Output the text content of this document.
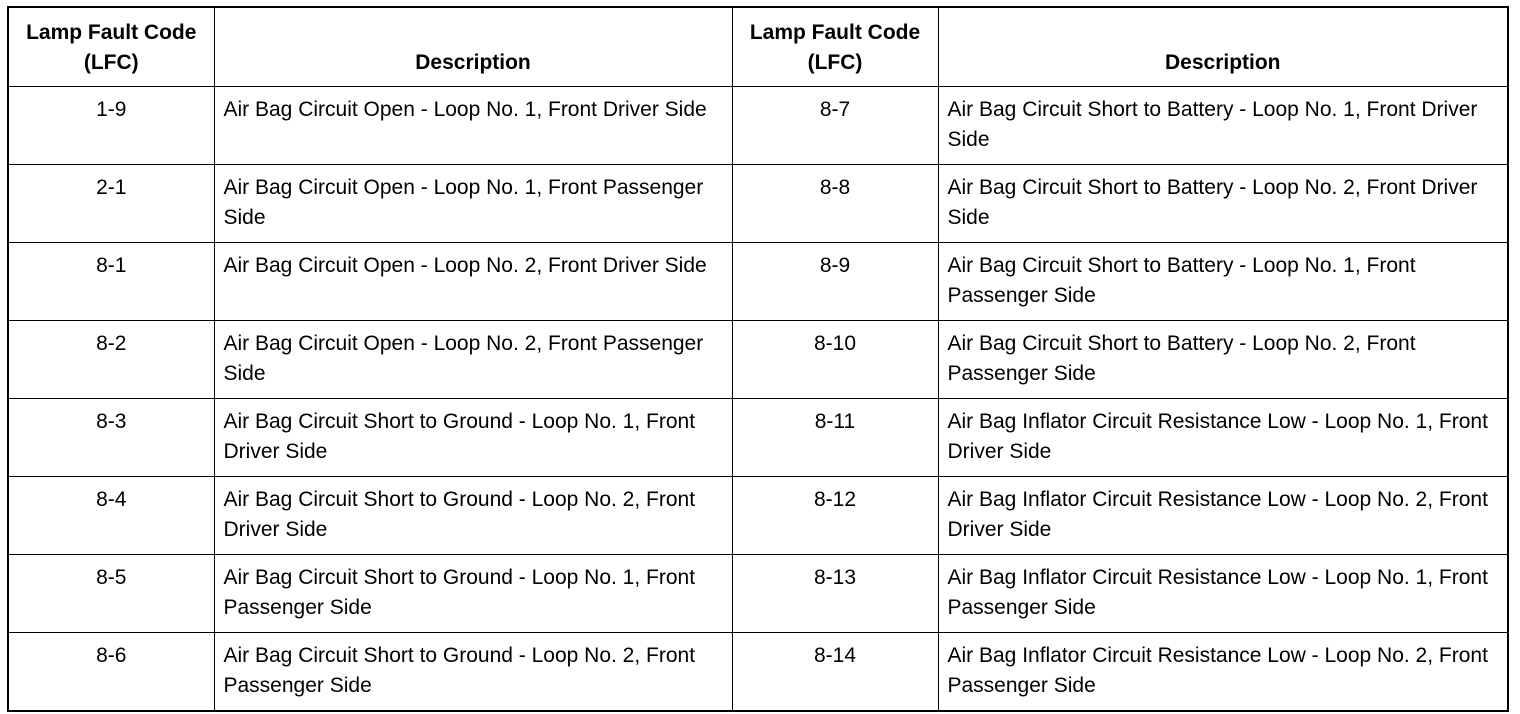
Lamp Fault Code (LFC)	Description	Lamp Fault Code (LFC)	Description
1-9	Air Bag Circuit Open - Loop No. 1, Front Driver Side	8-7	Air Bag Circuit Short to Battery - Loop No. 1, Front Driver Side
2-1	Air Bag Circuit Open - Loop No. 1, Front Passenger Side	8-8	Air Bag Circuit Short to Battery - Loop No. 2, Front Driver Side
8-1	Air Bag Circuit Open - Loop No. 2, Front Driver Side	8-9	Air Bag Circuit Short to Battery - Loop No. 1, Front Passenger Side
8-2	Air Bag Circuit Open - Loop No. 2, Front Passenger Side	8-10	Air Bag Circuit Short to Battery - Loop No. 2, Front Passenger Side
8-3	Air Bag Circuit Short to Ground - Loop No. 1, Front Driver Side	8-11	Air Bag Inflator Circuit Resistance Low - Loop No. 1, Front Driver Side
8-4	Air Bag Circuit Short to Ground - Loop No. 2, Front Driver Side	8-12	Air Bag Inflator Circuit Resistance Low - Loop No. 2, Front Driver Side
8-5	Air Bag Circuit Short to Ground - Loop No. 1, Front Passenger Side	8-13	Air Bag Inflator Circuit Resistance Low - Loop No. 1, Front Passenger Side
8-6	Air Bag Circuit Short to Ground - Loop No. 2, Front Passenger Side	8-14	Air Bag Inflator Circuit Resistance Low - Loop No. 2, Front Passenger Side
